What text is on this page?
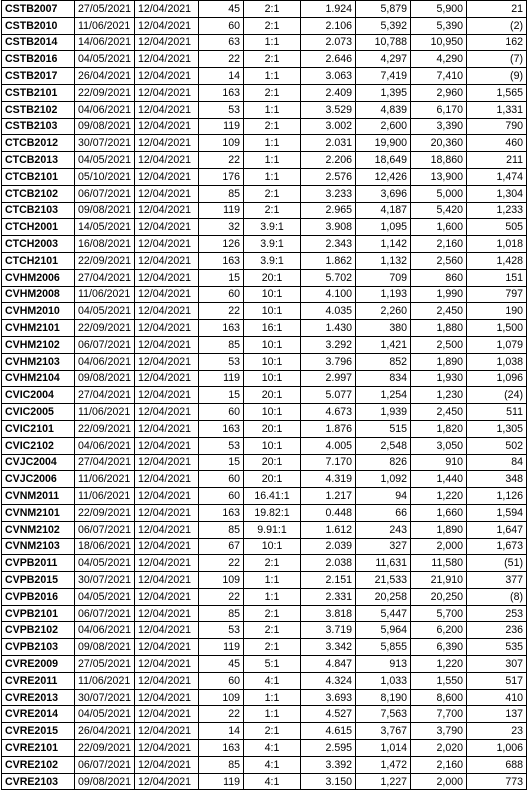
CSTB2007	27/05/2021	12/04/2021	45	2:1	1.924	5,879	5,900	21
CSTB2010	11/06/2021	12/04/2021	60	2:1	2.106	5,392	5,390	(2)
CSTB2014	14/06/2021	12/04/2021	63	1:1	2.073	10,788	10,950	162
CSTB2016	04/05/2021	12/04/2021	22	2:1	2.646	4,297	4,290	(7)
CSTB2017	26/04/2021	12/04/2021	14	1:1	3.063	7,419	7,410	(9)
CSTB2101	22/09/2021	12/04/2021	163	2:1	2.409	1,395	2,960	1,565
CSTB2102	04/06/2021	12/04/2021	53	1:1	3.529	4,839	6,170	1,331
CSTB2103	09/08/2021	12/04/2021	119	2:1	3.002	2,600	3,390	790
CTCB2012	30/07/2021	12/04/2021	109	1:1	2.031	19,900	20,360	460
CTCB2013	04/05/2021	12/04/2021	22	1:1	2.206	18,649	18,860	211
CTCB2101	05/10/2021	12/04/2021	176	1:1	2.576	12,426	13,900	1,474
CTCB2102	06/07/2021	12/04/2021	85	2:1	3.233	3,696	5,000	1,304
CTCB2103	09/08/2021	12/04/2021	119	2:1	2.965	4,187	5,420	1,233
CTCH2001	14/05/2021	12/04/2021	32	3.9:1	3.908	1,095	1,600	505
CTCH2003	16/08/2021	12/04/2021	126	3.9:1	2.343	1,142	2,160	1,018
CTCH2101	22/09/2021	12/04/2021	163	3.9:1	1.862	1,132	2,560	1,428
CVHM2006	27/04/2021	12/04/2021	15	20:1	5.702	709	860	151
CVHM2008	11/06/2021	12/04/2021	60	10:1	4.100	1,193	1,990	797
CVHM2010	04/05/2021	12/04/2021	22	10:1	4.035	2,260	2,450	190
CVHM2101	22/09/2021	12/04/2021	163	16:1	1.430	380	1,880	1,500
CVHM2102	06/07/2021	12/04/2021	85	10:1	3.292	1,421	2,500	1,079
CVHM2103	04/06/2021	12/04/2021	53	10:1	3.796	852	1,890	1,038
CVHM2104	09/08/2021	12/04/2021	119	10:1	2.997	834	1,930	1,096
CVIC2004	27/04/2021	12/04/2021	15	20:1	5.077	1,254	1,230	(24)
CVIC2005	11/06/2021	12/04/2021	60	10:1	4.673	1,939	2,450	511
CVIC2101	22/09/2021	12/04/2021	163	20:1	1.876	515	1,820	1,305
CVIC2102	04/06/2021	12/04/2021	53	10:1	4.005	2,548	3,050	502
CVJC2004	27/04/2021	12/04/2021	15	20:1	7.170	826	910	84
CVJC2006	11/06/2021	12/04/2021	60	20:1	4.319	1,092	1,440	348
CVNM2011	11/06/2021	12/04/2021	60	16.41:1	1.217	94	1,220	1,126
CVNM2101	22/09/2021	12/04/2021	163	19.82:1	0.448	66	1,660	1,594
CVNM2102	06/07/2021	12/04/2021	85	9.91:1	1.612	243	1,890	1,647
CVNM2103	18/06/2021	12/04/2021	67	10:1	2.039	327	2,000	1,673
CVPB2011	04/05/2021	12/04/2021	22	2:1	2.038	11,631	11,580	(51)
CVPB2015	30/07/2021	12/04/2021	109	1:1	2.151	21,533	21,910	377
CVPB2016	04/05/2021	12/04/2021	22	1:1	2.331	20,258	20,250	(8)
CVPB2101	06/07/2021	12/04/2021	85	2:1	3.818	5,447	5,700	253
CVPB2102	04/06/2021	12/04/2021	53	2:1	3.719	5,964	6,200	236
CVPB2103	09/08/2021	12/04/2021	119	2:1	3.342	5,855	6,390	535
CVRE2009	27/05/2021	12/04/2021	45	5:1	4.847	913	1,220	307
CVRE2011	11/06/2021	12/04/2021	60	4:1	4.324	1,033	1,550	517
CVRE2013	30/07/2021	12/04/2021	109	1:1	3.693	8,190	8,600	410
CVRE2014	04/05/2021	12/04/2021	22	1:1	4.527	7,563	7,700	137
CVRE2015	26/04/2021	12/04/2021	14	2:1	4.615	3,767	3,790	23
CVRE2101	22/09/2021	12/04/2021	163	4:1	2.595	1,014	2,020	1,006
CVRE2102	06/07/2021	12/04/2021	85	4:1	3.392	1,472	2,160	688
CVRE2103	09/08/2021	12/04/2021	119	4:1	3.150	1,227	2,000	773
